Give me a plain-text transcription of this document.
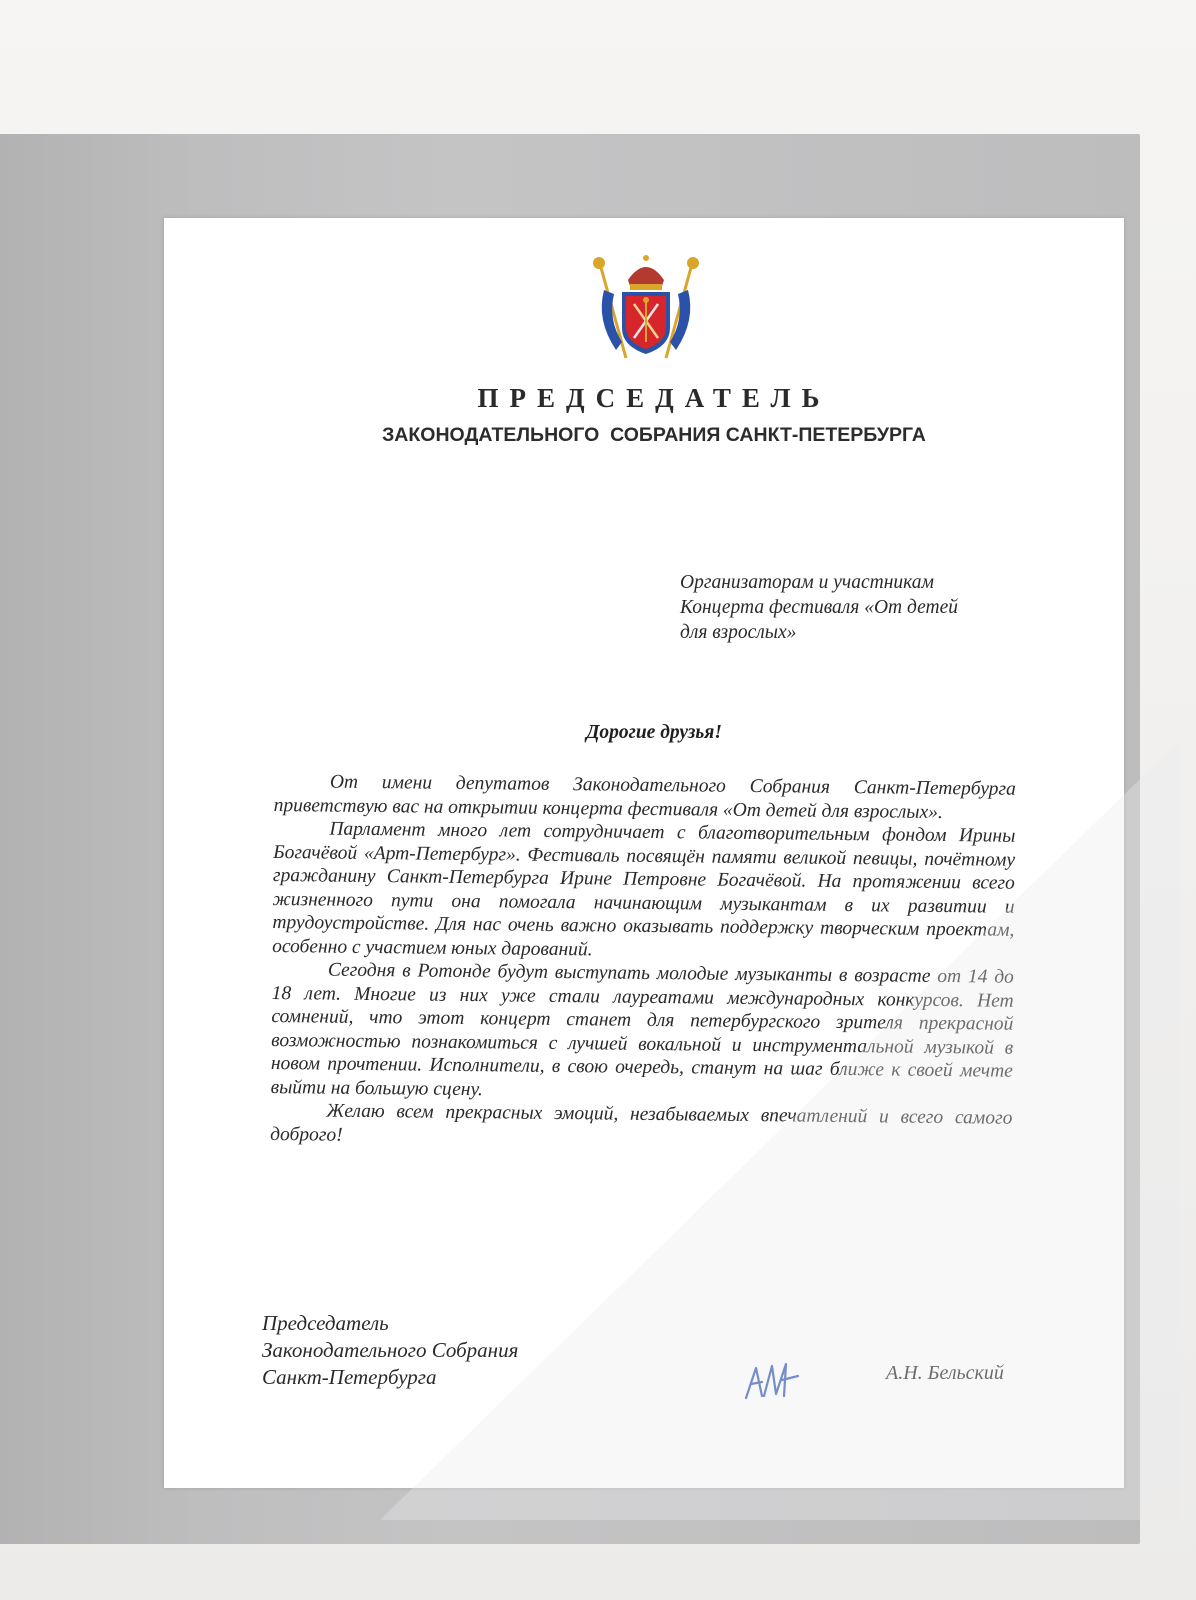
ПРЕДСЕДАТЕЛЬ
ЗАКОНОДАТЕЛЬНОГО  СОБРАНИЯ САНКТ-ПЕТЕРБУРГА
Организаторам и участникам
Концерта фестиваля «От детей
для взрослых»
Дорогие друзья!

От имени депутатов Законодательного Собрания Санкт-Петербурга приветствую вас на открытии концерта фестиваля «От детей для взрослых».

Парламент много лет сотрудничает с благотворительным фондом Ирины Богачёвой «Арт-Петербург». Фестиваль посвящён памяти великой певицы, почётному гражданину Санкт-Петербурга Ирине Петровне Богачёвой. На протяжении всего жизненного пути она помогала начинающим музыкантам в их развитии и трудоустройстве. Для нас очень важно оказывать поддержку творческим проектам, особенно с участием юных дарований.

Сегодня в Ротонде будут выступать молодые музыканты в возрасте от 14 до 18 лет. Многие из них уже стали лауреатами международных конкурсов. Нет сомнений, что этот концерт станет для петербургского зрителя прекрасной возможностью познакомиться с лучшей вокальной и инструментальной музыкой в новом прочтении. Исполнители, в свою очередь, станут на шаг ближе к своей мечте выйти на большую сцену.

Желаю всем прекрасных эмоций, незабываемых впечатлений и всего самого доброго!

Председатель
Законодательного Собрания
Санкт-Петербурга	А.Н. Бельский
